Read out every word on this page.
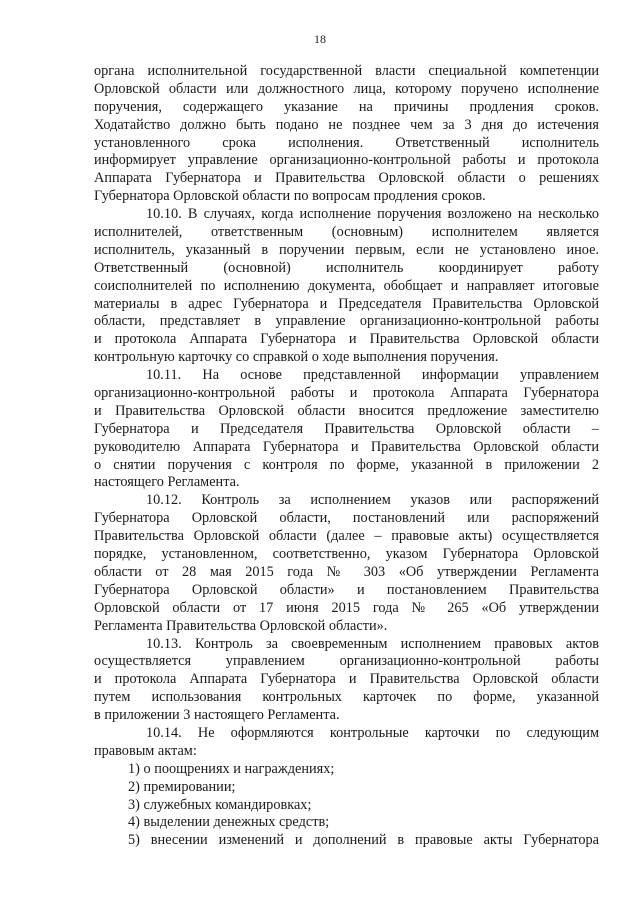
18
органа исполнительной государственной власти специальной компетенции
Орловской области или должностного лица, которому поручено исполнение
поручения, содержащего указание на причины продления сроков.
Ходатайство должно быть подано не позднее чем за 3 дня до истечения
установленного срока исполнения. Ответственный исполнитель
информирует управление организационно-контрольной работы и протокола
Аппарата Губернатора и Правительства Орловской области о решениях
Губернатора Орловской области по вопросам продления сроков.
10.10. В случаях, когда исполнение поручения возложено на несколько
исполнителей, ответственным (основным) исполнителем является
исполнитель, указанный в поручении первым, если не установлено иное.
Ответственный (основной) исполнитель координирует работу
соисполнителей по исполнению документа, обобщает и направляет итоговые
материалы в адрес Губернатора и Председателя Правительства Орловской
области, представляет в управление организационно-контрольной работы
и протокола Аппарата Губернатора и Правительства Орловской области
контрольную карточку со справкой о ходе выполнения поручения.
10.11. На основе представленной информации управлением
организационно-контрольной работы и протокола Аппарата Губернатора
и Правительства Орловской области вносится предложение заместителю
Губернатора и Председателя Правительства Орловской области –
руководителю Аппарата Губернатора и Правительства Орловской области
о снятии поручения с контроля по форме, указанной в приложении 2
настоящего Регламента.
10.12. Контроль за исполнением указов или распоряжений
Губернатора Орловской области, постановлений или распоряжений
Правительства Орловской области (далее – правовые акты) осуществляется
порядке, установленном, соответственно, указом Губернатора Орловской
области от 28 мая 2015 года № 303 «Об утверждении Регламента
Губернатора Орловской области» и постановлением Правительства
Орловской области от 17 июня 2015 года № 265 «Об утверждении
Регламента Правительства Орловской области».
10.13. Контроль за своевременным исполнением правовых актов
осуществляется управлением организационно-контрольной работы
и протокола Аппарата Губернатора и Правительства Орловской области
путем использования контрольных карточек по форме, указанной
в приложении 3 настоящего Регламента.
10.14. Не оформляются контрольные карточки по следующим
правовым актам:
1) о поощрениях и награждениях;
2) премировании;
3) служебных командировках;
4) выделении денежных средств;
5) внесении изменений и дополнений в правовые акты Губернатора
